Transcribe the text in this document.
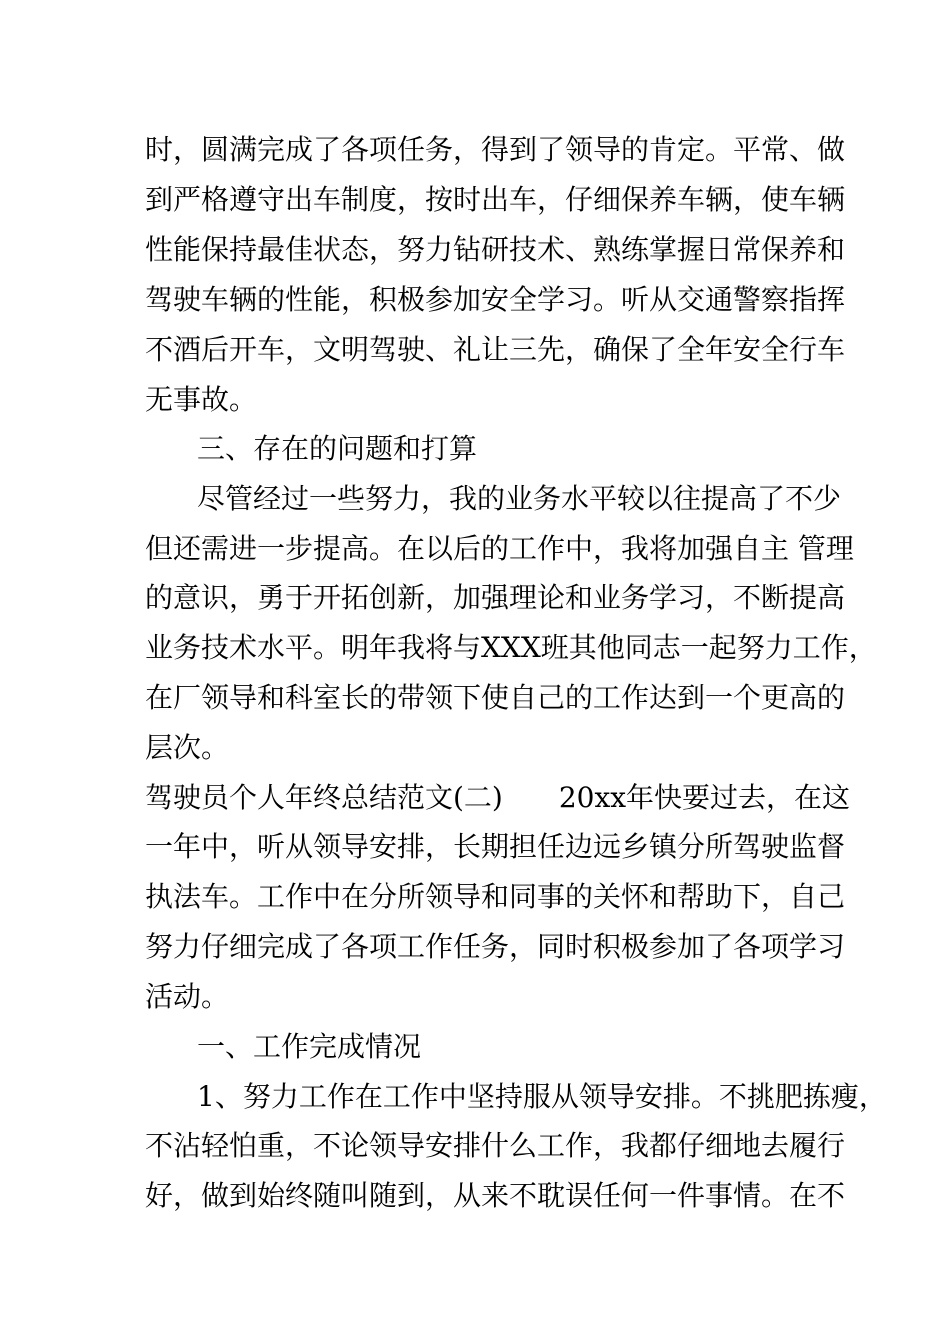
时，圆满完成了各项任务，得到了领导的肯定。平常、做

到严格遵守出车制度，按时出车，仔细保养车辆，使车辆

性能保持最佳状态，努力钻研技术、熟练掌握日常保养和

驾驶车辆的性能，积极参加安全学习。听从交通警察指挥

不酒后开车，文明驾驶、礼让三先，确保了全年安全行车

无事故。

三、存在的问题和打算

尽管经过一些努力，我的业务水平较以往提高了不少

但还需进一步提高。在以后的工作中，我将加强自主 管理

的意识，勇于开拓创新，加强理论和业务学习，不断提高

业务技术水平。明年我将与XXX班其他同志一起努力工作，

在厂领导和科室长的带领下使自己的工作达到一个更高的

层次。

驾驶员个人年终总结范文(二)　　20xx年快要过去，在这

一年中，听从领导安排，长期担任边远乡镇分所驾驶监督

执法车。工作中在分所领导和同事的关怀和帮助下，自己

努力仔细完成了各项工作任务，同时积极参加了各项学习

活动。

一、工作完成情况

1、努力工作在工作中坚持服从领导安排。不挑肥拣瘦，

不沾轻怕重，不论领导安排什么工作，我都仔细地去履行

好，做到始终随叫随到，从来不耽误任何一件事情。在不
